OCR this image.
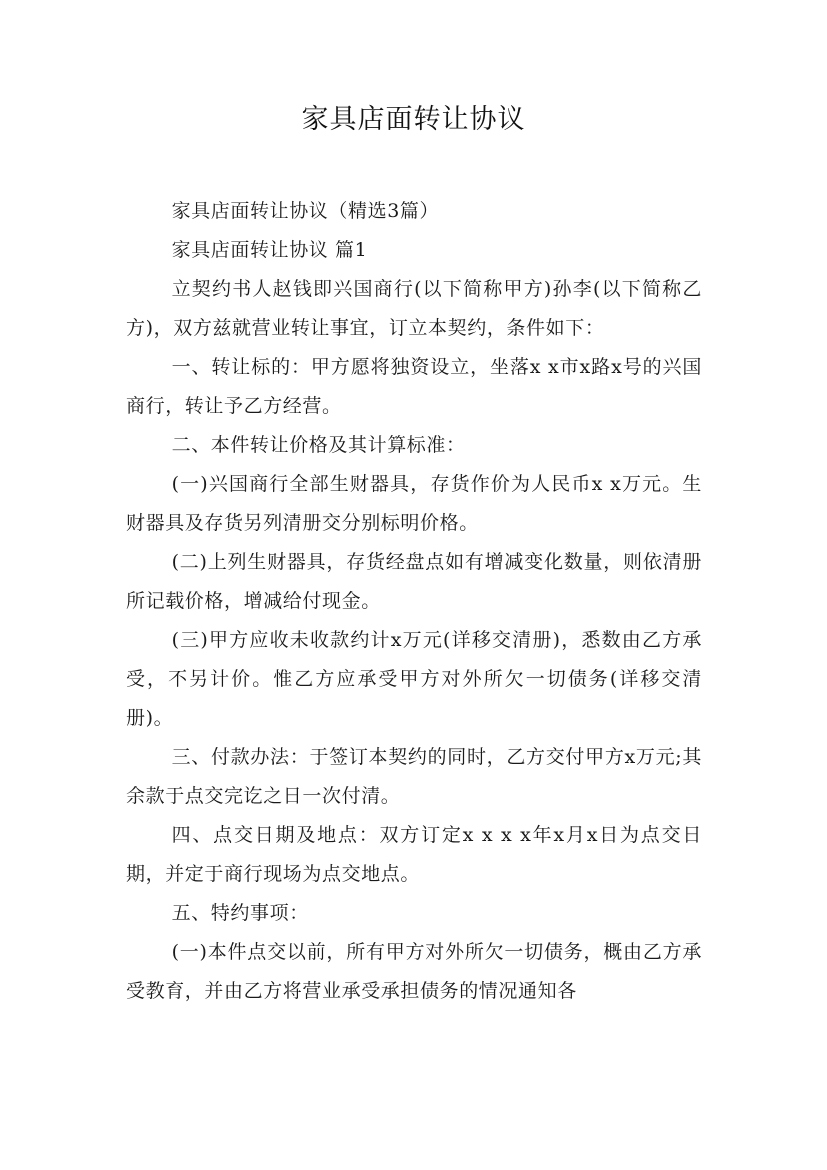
家具店面转让协议

家具店面转让协议（精选3篇）

家具店面转让协议 篇1

立契约书人赵钱即兴国商行(以下简称甲方)孙李(以下简称乙方)，双方兹就营业转让事宜，订立本契约，条件如下：

一、转让标的：甲方愿将独资设立，坐落x x市x路x号的兴国商行，转让予乙方经营。

二、本件转让价格及其计算标准：

(一)兴国商行全部生财器具，存货作价为人民币x x万元。生财器具及存货另列清册交分别标明价格。

(二)上列生财器具，存货经盘点如有增减变化数量，则依清册所记载价格，增减给付现金。

(三)甲方应收未收款约计x万元(详移交清册)，悉数由乙方承受，不另计价。惟乙方应承受甲方对外所欠一切债务(详移交清册)。

三、付款办法：于签订本契约的同时，乙方交付甲方x万元;其余款于点交完讫之日一次付清。

四、点交日期及地点：双方订定x x x x年x月x日为点交日期，并定于商行现场为点交地点。

五、特约事项：

(一)本件点交以前，所有甲方对外所欠一切债务，概由乙方承受教育，并由乙方将营业承受承担债务的情况通知各
